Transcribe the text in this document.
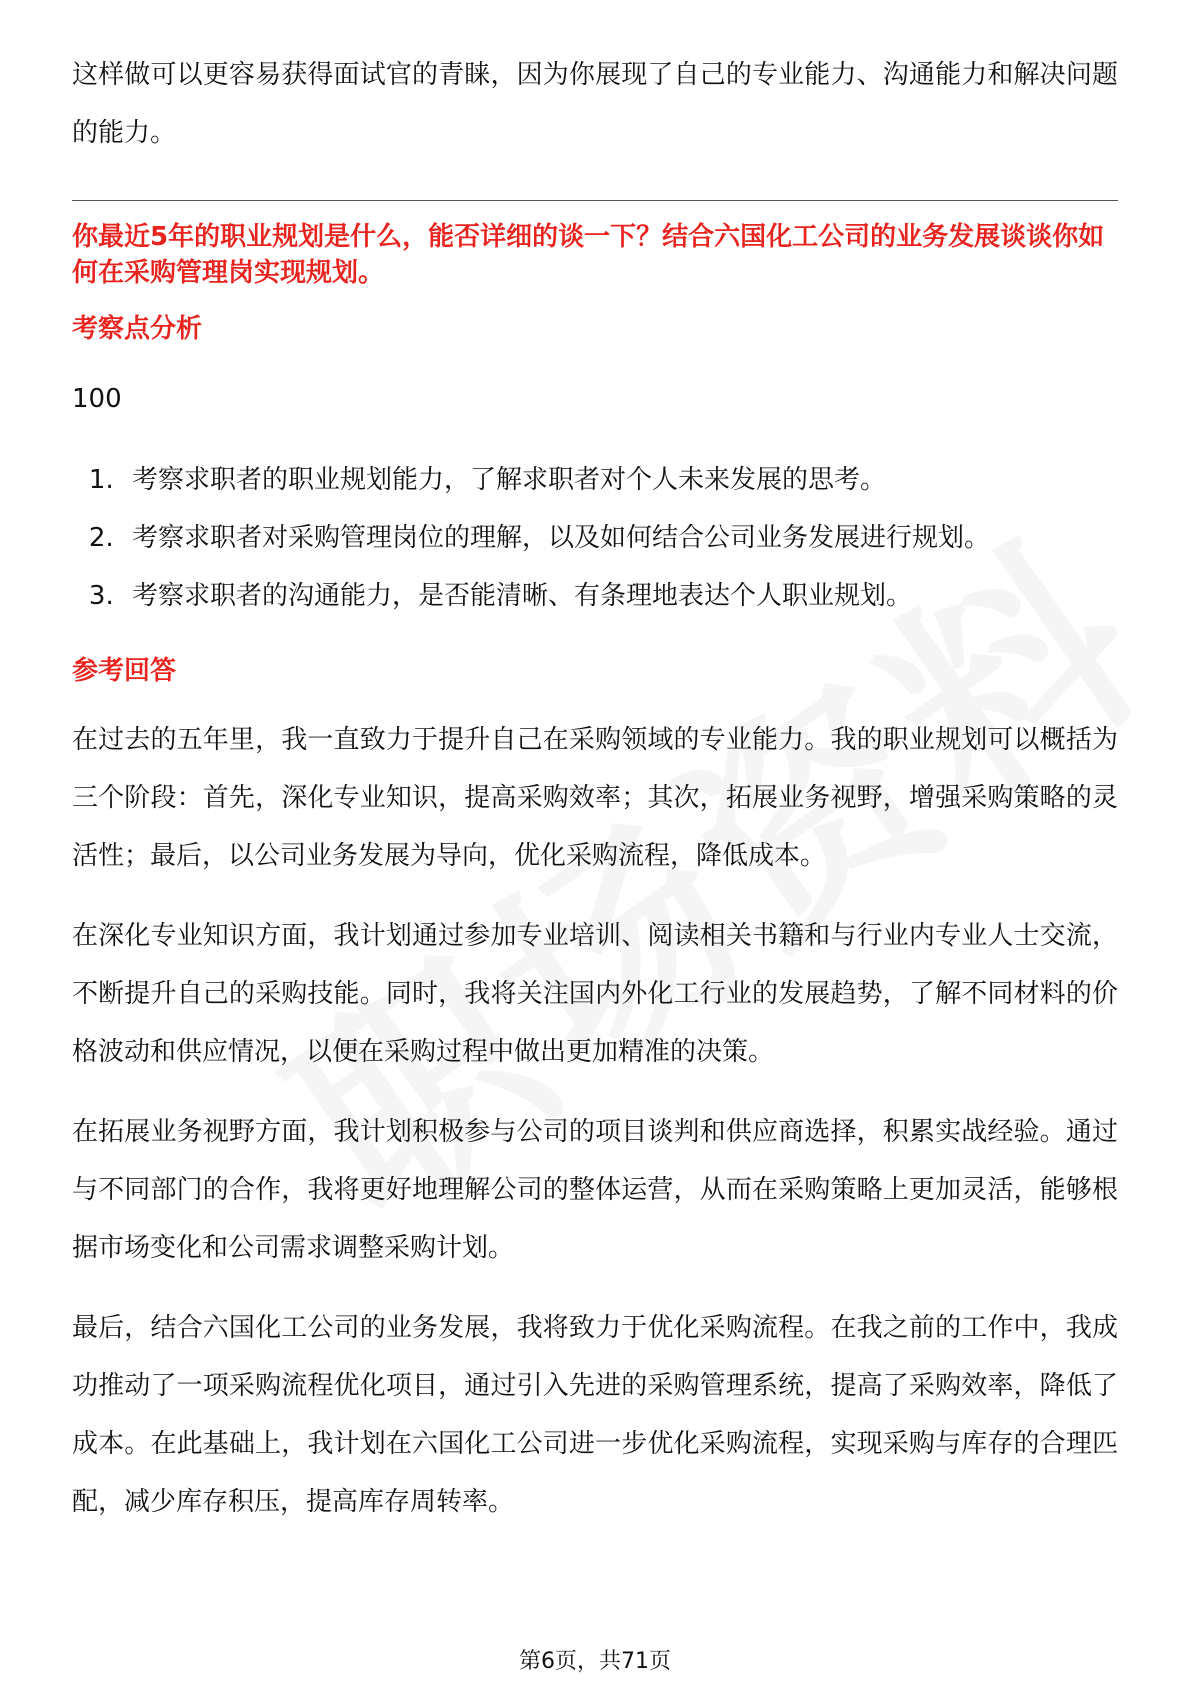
这样做可以更容易获得面试官的青睐，因为你展现了自己的专业能力、沟通能力和解决问题的能力。

你最近5年的职业规划是什么，能否详细的谈一下？结合六国化工公司的业务发展谈谈你如何在采购管理岗实现规划。

考察点分析

100

1. 考察求职者的职业规划能力，了解求职者对个人未来发展的思考。
2. 考察求职者对采购管理岗位的理解，以及如何结合公司业务发展进行规划。
3. 考察求职者的沟通能力，是否能清晰、有条理地表达个人职业规划。

参考回答

在过去的五年里，我一直致力于提升自己在采购领域的专业能力。我的职业规划可以概括为三个阶段：首先，深化专业知识，提高采购效率；其次，拓展业务视野，增强采购策略的灵活性；最后，以公司业务发展为导向，优化采购流程，降低成本。

在深化专业知识方面，我计划通过参加专业培训、阅读相关书籍和与行业内专业人士交流，不断提升自己的采购技能。同时，我将关注国内外化工行业的发展趋势，了解不同材料的价格波动和供应情况，以便在采购过程中做出更加精准的决策。

在拓展业务视野方面，我计划积极参与公司的项目谈判和供应商选择，积累实战经验。通过与不同部门的合作，我将更好地理解公司的整体运营，从而在采购策略上更加灵活，能够根据市场变化和公司需求调整采购计划。

最后，结合六国化工公司的业务发展，我将致力于优化采购流程。在我之前的工作中，我成功推动了一项采购流程优化项目，通过引入先进的采购管理系统，提高了采购效率，降低了成本。在此基础上，我计划在六国化工公司进一步优化采购流程，实现采购与库存的合理匹配，减少库存积压，提高库存周转率。

第6页，共71页
